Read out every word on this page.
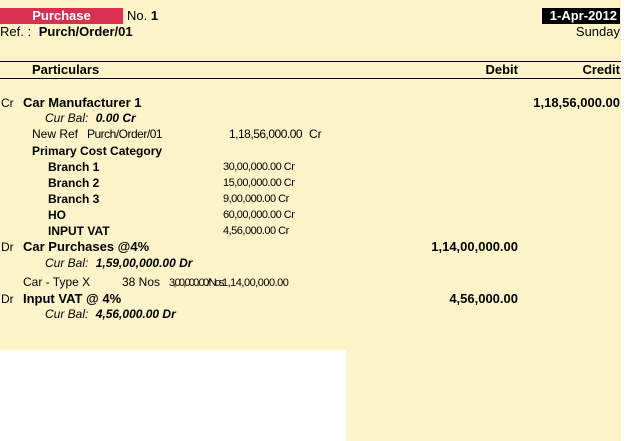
Purchase	No. 1	1-Apr-2012
Ref. : Purch/Order/01	Sunday
Particulars	Debit	Credit
Cr Car Manufacturer 1	1,18,56,000.00
Cur Bal: 0.00 Cr
New Ref Purch/Order/01	1,18,56,000.00 Cr
Primary Cost Category
Branch 1	30,00,000.00 Cr
Branch 2	15,00,000.00 Cr
Branch 3	9,00,000.00 Cr
HO	60,00,000.00 Cr
INPUT VAT	4,56,000.00 Cr
Dr Car Purchases @4%	1,14,00,000.00
Cur Bal: 1,59,00,000.00 Dr
Car - Type X	38 Nos 3,00,000.00/Nos 1,14,00,000.00
Dr Input VAT @ 4%	4,56,000.00
Cur Bal: 4,56,000.00 Dr
